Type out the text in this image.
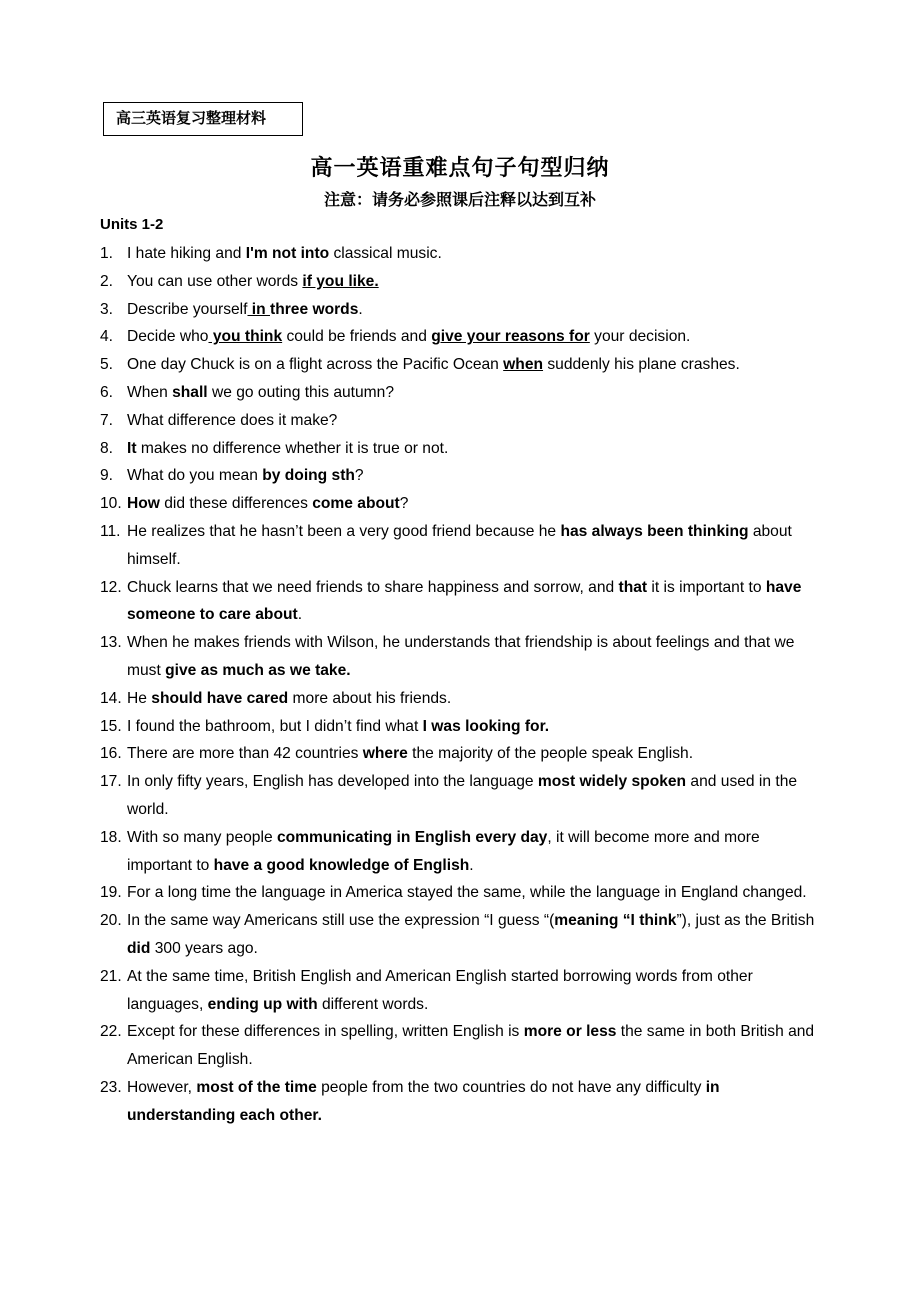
高三英语复习整理材料
高一英语重难点句子句型归纳
注意：请务必参照课后注释以达到互补
Units 1-2
1. I hate hiking and I'm not into classical music.
2. You can use other words if you like.
3. Describe yourself in three words.
4. Decide who you think could be friends and give your reasons for your decision.
5. One day Chuck is on a flight across the Pacific Ocean when suddenly his plane crashes.
6. When shall we go outing this autumn?
7. What difference does it make?
8. It makes no difference whether it is true or not.
9. What do you mean by doing sth?
10. How did these differences come about?
11. He realizes that he hasn’t been a very good friend because he has always been thinking about himself.
12. Chuck learns that we need friends to share happiness and sorrow, and that it is important to have someone to care about.
13. When he makes friends with Wilson, he understands that friendship is about feelings and that we must give as much as we take.
14. He should have cared more about his friends.
15. I found the bathroom, but I didn’t find what I was looking for.
16. There are more than 42 countries where the majority of the people speak English.
17. In only fifty years, English has developed into the language most widely spoken and used in the world.
18. With so many people communicating in English every day, it will become more and more important to have a good knowledge of English.
19. For a long time the language in America stayed the same, while the language in England changed.
20. In the same way Americans still use the expression “I guess “(meaning “I think”), just as the British did 300 years ago.
21. At the same time, British English and American English started borrowing words from other languages, ending up with different words.
22. Except for these differences in spelling, written English is more or less the same in both British and American English.
23. However, most of the time people from the two countries do not have any difficulty in understanding each other.
